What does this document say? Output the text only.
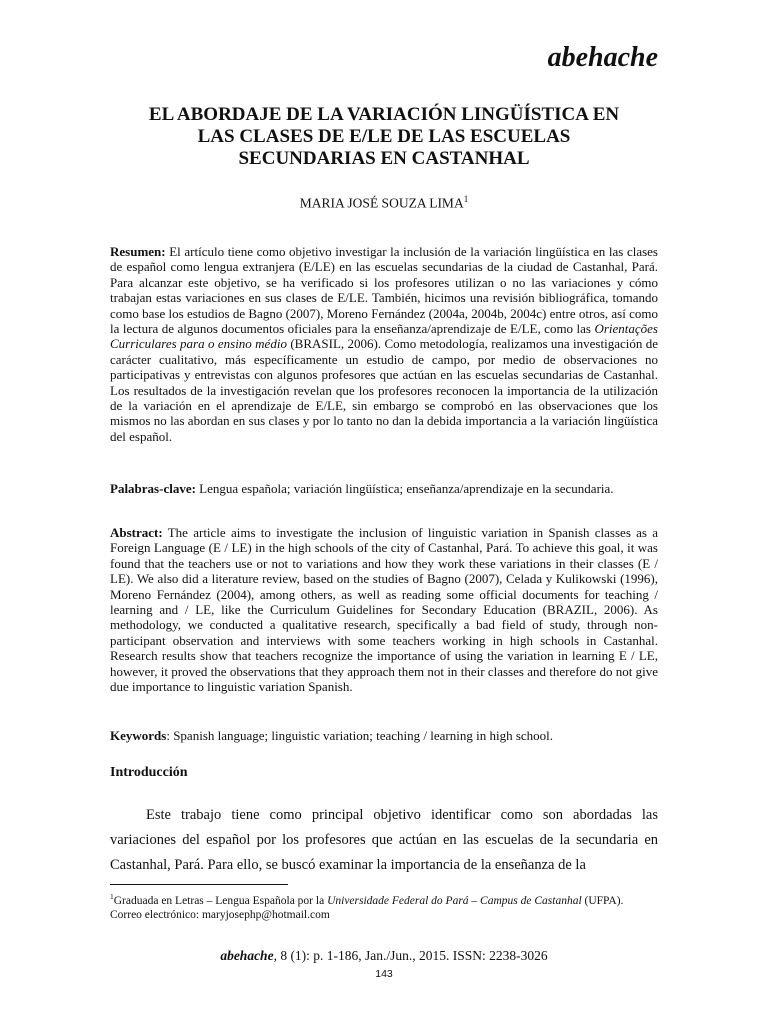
abehache
EL ABORDAJE DE LA VARIACIÓN LINGÜÍSTICA EN
LAS CLASES DE E/LE DE LAS ESCUELAS
SECUNDARIAS EN CASTANHAL
MARIA JOSÉ SOUZA LIMA$^1$
Resumen: El artículo tiene como objetivo investigar la inclusión de la variación lingüística en las clases de español como lengua extranjera (E/LE) en las escuelas secundarias de la ciudad de Castanhal, Pará. Para alcanzar este objetivo, se ha verificado si los profesores utilizan o no las variaciones y cómo trabajan estas variaciones en sus clases de E/LE. También, hicimos una revisión bibliográfica, tomando como base los estudios de Bagno (2007), Moreno Fernández (2004a, 2004b, 2004c) entre otros, así como la lectura de algunos documentos oficiales para la enseñanza/aprendizaje de E/LE, como las Orientações Curriculares para o ensino médio (BRASIL, 2006). Como metodología, realizamos una investigación de carácter cualitativo, más específicamente un estudio de campo, por medio de observaciones no participativas y entrevistas con algunos profesores que actúan en las escuelas secundarias de Castanhal. Los resultados de la investigación revelan que los profesores reconocen la importancia de la utilización de la variación en el aprendizaje de E/LE, sin embargo se comprobó en las observaciones que los mismos no las abordan en sus clases y por lo tanto no dan la debida importancia a la variación lingüística del español.
Palabras-clave: Lengua española; variación lingüística; enseñanza/aprendizaje en la secundaria.
Abstract: The article aims to investigate the inclusion of linguistic variation in Spanish classes as a Foreign Language (E / LE) in the high schools of the city of Castanhal, Pará. To achieve this goal, it was found that the teachers use or not to variations and how they work these variations in their classes (E / LE). We also did a literature review, based on the studies of Bagno (2007), Celada y Kulikowski (1996), Moreno Fernández (2004), among others, as well as reading some official documents for teaching / learning and / LE, like the Curriculum Guidelines for Secondary Education (BRAZIL, 2006). As methodology, we conducted a qualitative research, specifically a bad field of study, through non-participant observation and interviews with some teachers working in high schools in Castanhal. Research results show that teachers recognize the importance of using the variation in learning E / LE, however, it proved the observations that they approach them not in their classes and therefore do not give due importance to linguistic variation Spanish.
Keywords: Spanish language; linguistic variation; teaching / learning in high school.
Introducción
Este trabajo tiene como principal objetivo identificar como son abordadas las variaciones del español por los profesores que actúan en las escuelas de la secundaria en Castanhal, Pará. Para ello, se buscó examinar la importancia de la enseñanza de la
$^1$Graduada en Letras – Lengua Española por la Universidade Federal do Pará – Campus de Castanhal (UFPA). Correo electrónico: maryjosephp@hotmail.com
abehache, 8 (1): p. 1-186, Jan./Jun., 2015. ISSN: 2238-3026
143
